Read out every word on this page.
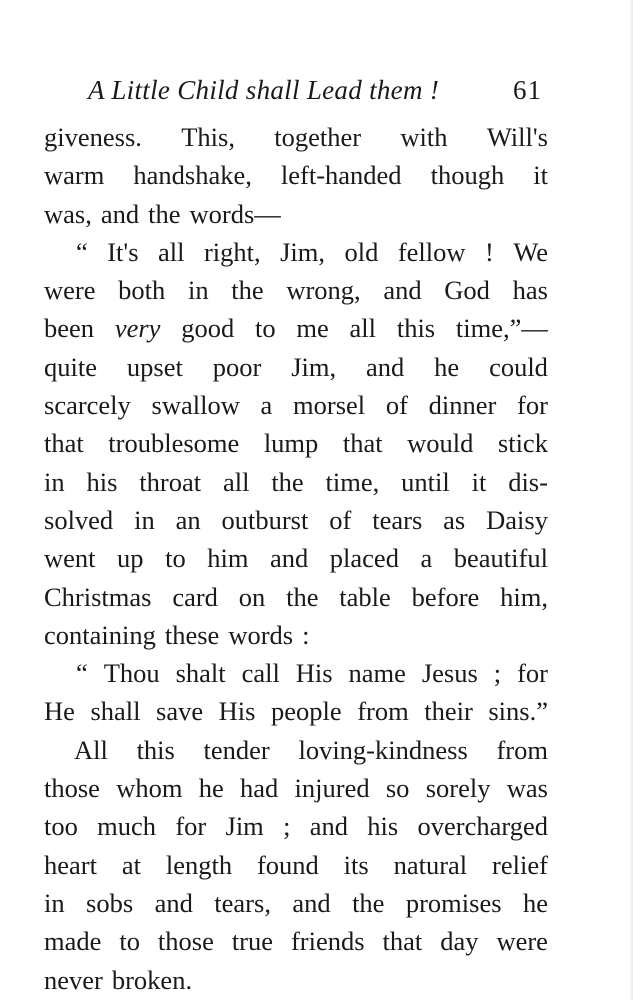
A Little Child shall Lead them !	61
giveness. This, together with Will's
warm handshake, left-handed though it
was, and the words—
“ It's all right, Jim, old fellow ! We
were both in the wrong, and God has
been very good to me all this time,”—
quite upset poor Jim, and he could
scarcely swallow a morsel of dinner for
that troublesome lump that would stick
in his throat all the time, until it dis-
solved in an outburst of tears as Daisy
went up to him and placed a beautiful
Christmas card on the table before him,
containing these words :
“ Thou shalt call His name Jesus ; for
He shall save His people from their sins.”
All this tender loving-kindness from
those whom he had injured so sorely was
too much for Jim ; and his overcharged
heart at length found its natural relief
in sobs and tears, and the promises he
made to those true friends that day were
never broken.
